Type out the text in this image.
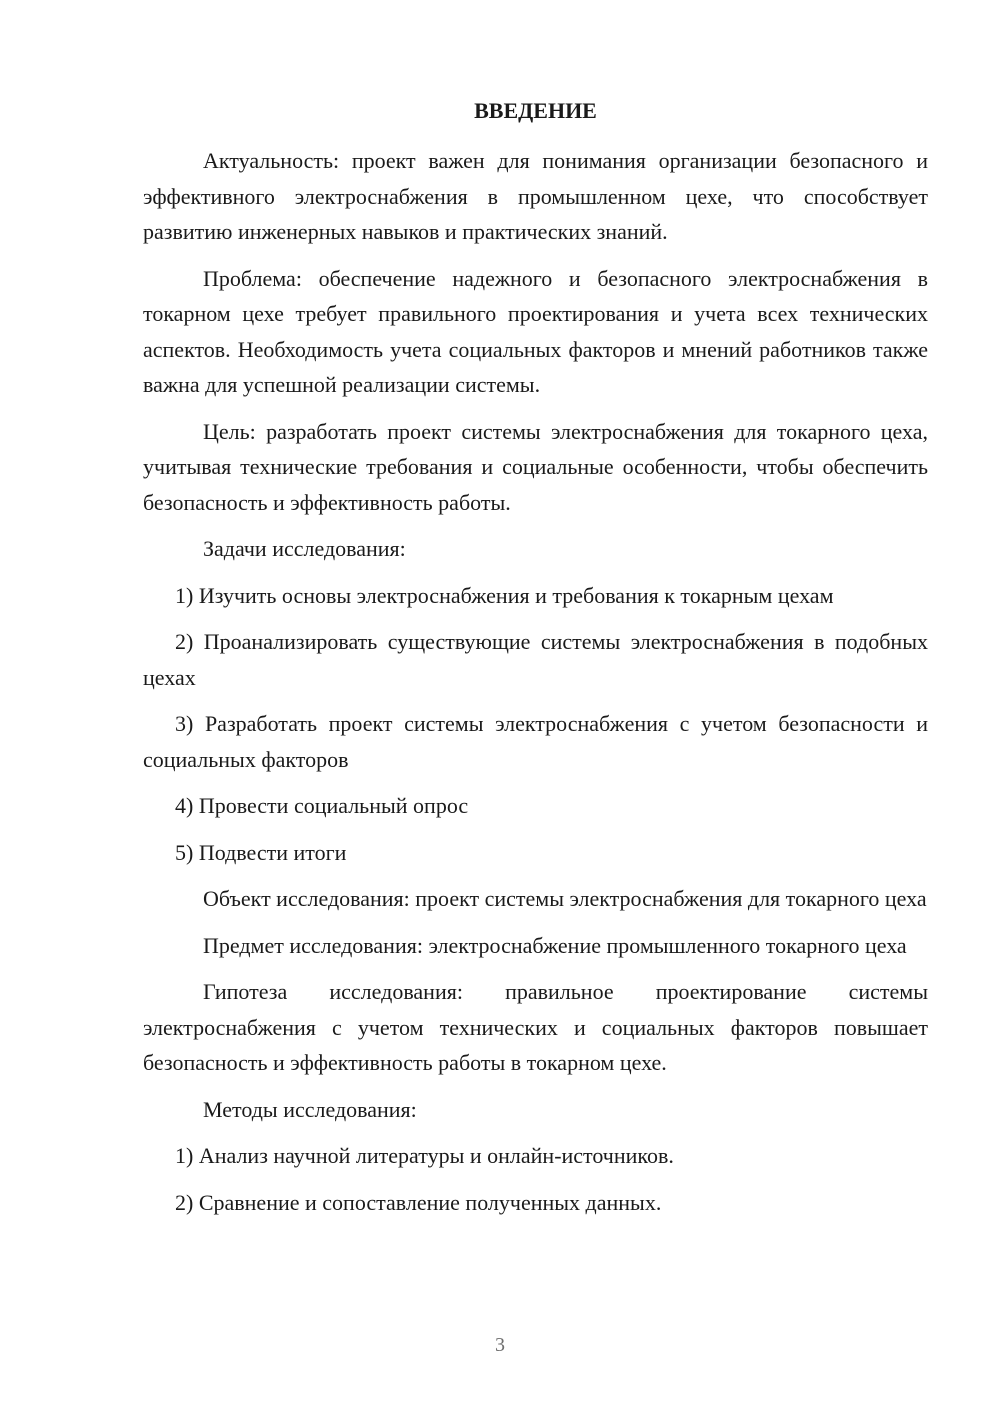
ВВЕДЕНИЕ

Актуальность: проект важен для понимания организации безопасного и эффективного электроснабжения в промышленном цехе, что способствует развитию инженерных навыков и практических знаний.

Проблема: обеспечение надежного и безопасного электроснабжения в токарном цехе требует правильного проектирования и учета всех технических аспектов. Необходимость учета социальных факторов и мнений работников также важна для успешной реализации системы.

Цель: разработать проект системы электроснабжения для токарного цеха, учитывая технические требования и социальные особенности, чтобы обеспечить безопасность и эффективность работы.

Задачи исследования:

1) Изучить основы электроснабжения и требования к токарным цехам

2) Проанализировать существующие системы электроснабжения в подобных цехах

3) Разработать проект системы электроснабжения с учетом безопасности и социальных факторов

4) Провести социальный опрос

5) Подвести итоги

Объект исследования: проект системы электроснабжения для токарного цеха

Предмет исследования: электроснабжение промышленного токарного цеха

Гипотеза исследования: правильное проектирование системы электроснабжения с учетом технических и социальных факторов повышает безопасность и эффективность работы в токарном цехе.

Методы исследования:

1) Анализ научной литературы и онлайн-источников.

2) Сравнение и сопоставление полученных данных.

3
